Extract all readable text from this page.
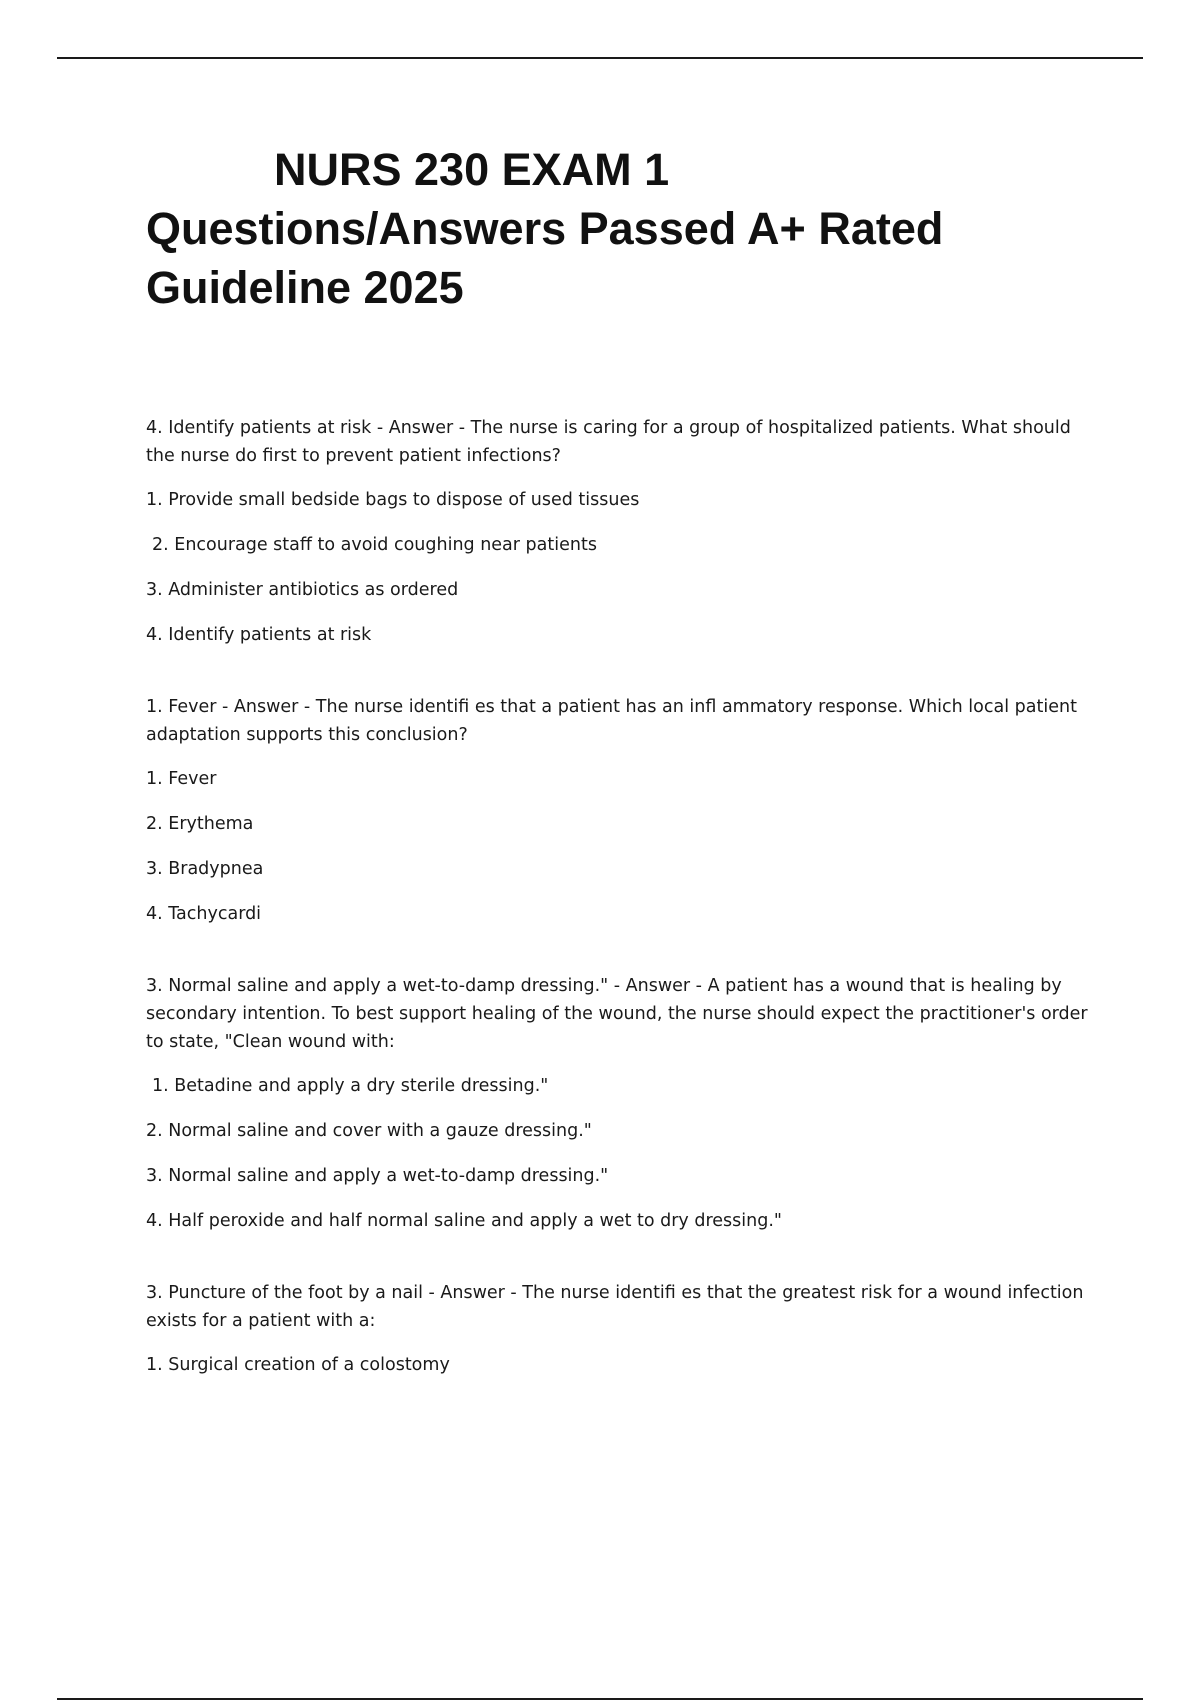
NURS 230 EXAM 1
Questions/Answers Passed A+ Rated
Guideline 2025

4. Identify patients at risk - Answer - The nurse is caring for a group of hospitalized patients. What should the nurse do first to prevent patient infections?

1. Provide small bedside bags to dispose of used tissues
2. Encourage staff to avoid coughing near patients
3. Administer antibiotics as ordered
4. Identify patients at risk

1. Fever - Answer - The nurse identifi es that a patient has an infl ammatory response. Which local patient adaptation supports this conclusion?

1. Fever
2. Erythema
3. Bradypnea
4. Tachycardi

3. Normal saline and apply a wet-to-damp dressing." - Answer - A patient has a wound that is healing by secondary intention. To best support healing of the wound, the nurse should expect the practitioner's order to state, "Clean wound with:

1. Betadine and apply a dry sterile dressing."
2. Normal saline and cover with a gauze dressing."
3. Normal saline and apply a wet-to-damp dressing."
4. Half peroxide and half normal saline and apply a wet to dry dressing."

3. Puncture of the foot by a nail - Answer - The nurse identifi es that the greatest risk for a wound infection exists for a patient with a:

1. Surgical creation of a colostomy
